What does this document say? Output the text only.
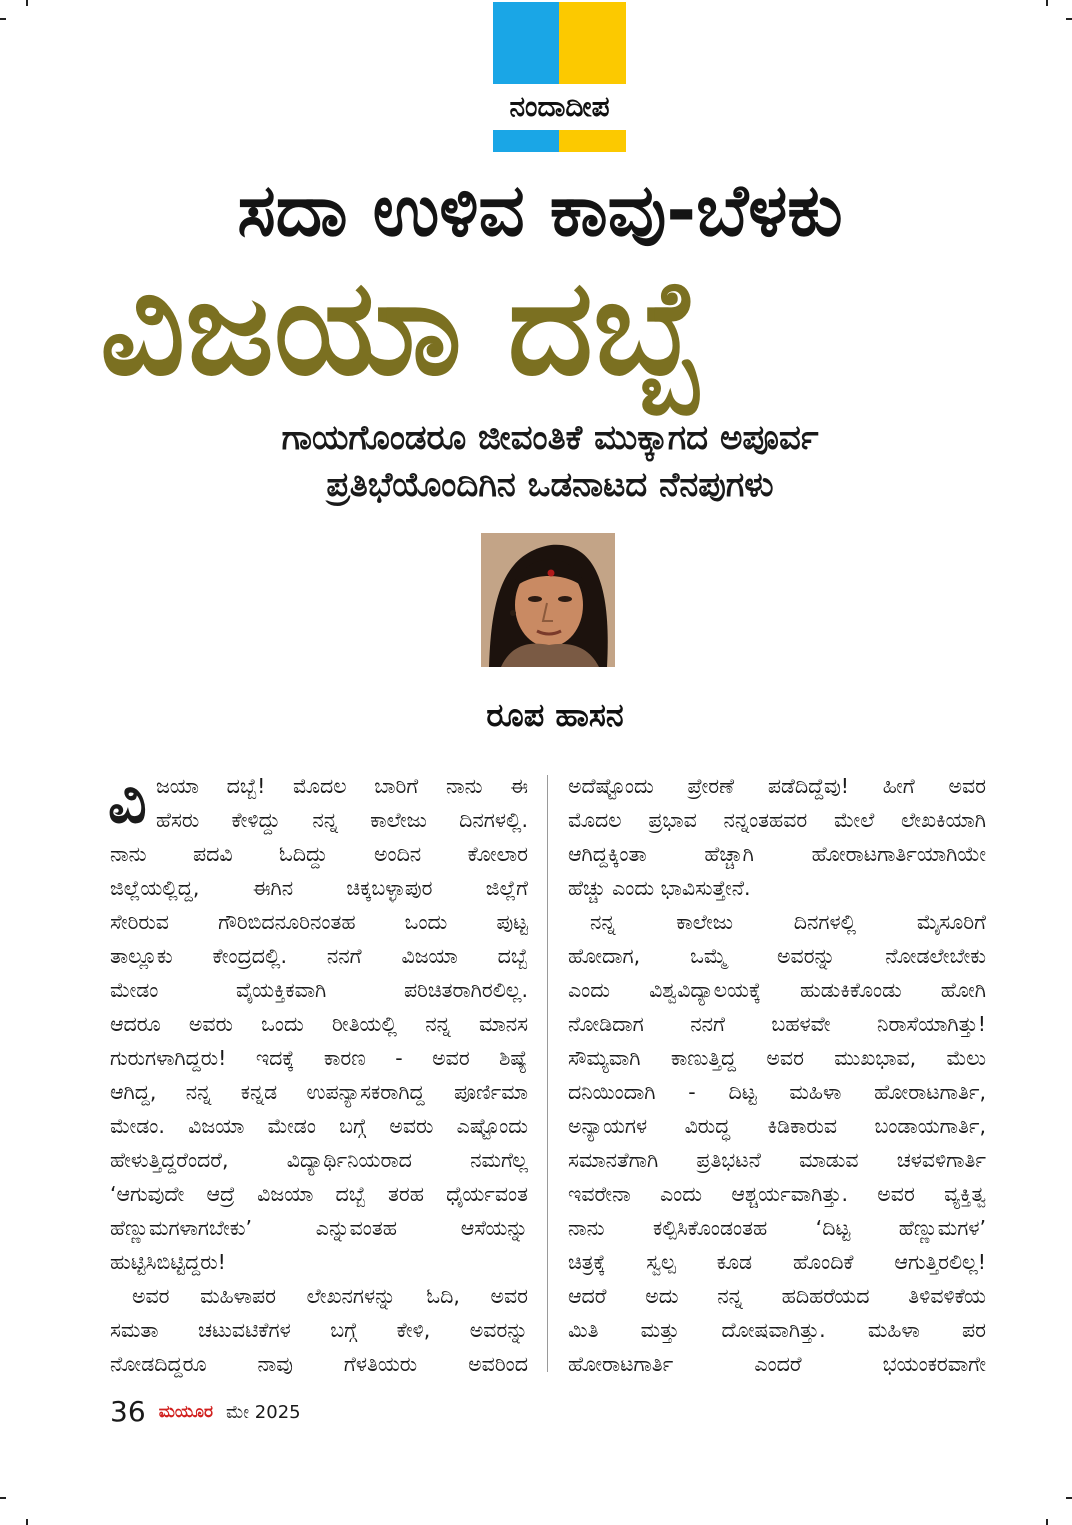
ನಂದಾದೀಪ
ಸದಾ ಉಳಿವ ಕಾವು-ಬೆಳಕು
ವಿಜಯಾ ದಬ್ಬೆ
ಗಾಯಗೊಂಡರೂ ಜೀವಂತಿಕೆ ಮುಕ್ಕಾಗದ ಅಪೂರ್ವ
ಪ್ರತಿಭೆಯೊಂದಿಗಿನ ಒಡನಾಟದ ನೆನಪುಗಳು
ರೂಪ ಹಾಸನ
ವಿ ಜಯಾ ದಬ್ಬೆ! ಮೊದಲ ಬಾರಿಗೆ ನಾನು ಈ
ಹೆಸರು ಕೇಳಿದ್ದು ನನ್ನ ಕಾಲೇಜು ದಿನಗಳಲ್ಲಿ.
ನಾನು ಪದವಿ ಓದಿದ್ದು ಅಂದಿನ ಕೋಲಾರ
ಜಿಲ್ಲೆಯಲ್ಲಿದ್ದ, ಈಗಿನ ಚಿಕ್ಕಬಳ್ಳಾಪುರ ಜಿಲ್ಲೆಗೆ
ಸೇರಿರುವ ಗೌರಿಬಿದನೂರಿನಂತಹ ಒಂದು ಪುಟ್ಟ
ತಾಲ್ಲೂಕು ಕೇಂದ್ರದಲ್ಲಿ. ನನಗೆ ವಿಜಯಾ ದಬ್ಬೆ
ಮೇಡಂ ವೈಯಕ್ತಿಕವಾಗಿ ಪರಿಚಿತರಾಗಿರಲಿಲ್ಲ.
ಆದರೂ ಅವರು ಒಂದು ರೀತಿಯಲ್ಲಿ ನನ್ನ ಮಾನಸ
ಗುರುಗಳಾಗಿದ್ದರು! ಇದಕ್ಕೆ ಕಾರಣ - ಅವರ ಶಿಷ್ಯೆ
ಆಗಿದ್ದ, ನನ್ನ ಕನ್ನಡ ಉಪನ್ಯಾಸಕರಾಗಿದ್ದ ಪೂರ್ಣಿಮಾ
ಮೇಡಂ. ವಿಜಯಾ ಮೇಡಂ ಬಗ್ಗೆ ಅವರು ಎಷ್ಟೊಂದು
ಹೇಳುತ್ತಿದ್ದರೆಂದರೆ, ವಿದ್ಯಾರ್ಥಿನಿಯರಾದ ನಮಗೆಲ್ಲ
‘ಆಗುವುದೇ ಆದ್ರೆ ವಿಜಯಾ ದಬ್ಬೆ ತರಹ ಧೈರ್ಯವಂತ
ಹೆಣ್ಣುಮಗಳಾಗಬೇಕು’ ಎನ್ನುವಂತಹ ಆಸೆಯನ್ನು
ಹುಟ್ಟಿಸಿಬಿಟ್ಟಿದ್ದರು!
ಅವರ ಮಹಿಳಾಪರ ಲೇಖನಗಳನ್ನು ಓದಿ, ಅವರ
ಸಮತಾ ಚಟುವಟಿಕೆಗಳ ಬಗ್ಗೆ ಕೇಳಿ, ಅವರನ್ನು
ನೋಡದಿದ್ದರೂ ನಾವು ಗೆಳತಿಯರು ಅವರಿಂದ
ಅದೆಷ್ಟೊಂದು ಪ್ರೇರಣೆ ಪಡೆದಿದ್ದೆವು! ಹೀಗೆ ಅವರ
ಮೊದಲ ಪ್ರಭಾವ ನನ್ನಂತಹವರ ಮೇಲೆ ಲೇಖಕಿಯಾಗಿ
ಆಗಿದ್ದಕ್ಕಿಂತಾ ಹೆಚ್ಚಾಗಿ ಹೋರಾಟಗಾರ್ತಿಯಾಗಿಯೇ
ಹೆಚ್ಚು ಎಂದು ಭಾವಿಸುತ್ತೇನೆ.
ನನ್ನ ಕಾಲೇಜು ದಿನಗಳಲ್ಲಿ ಮೈಸೂರಿಗೆ
ಹೋದಾಗ, ಒಮ್ಮೆ ಅವರನ್ನು ನೋಡಲೇಬೇಕು
ಎಂದು ವಿಶ್ವವಿದ್ಯಾಲಯಕ್ಕೆ ಹುಡುಕಿಕೊಂಡು ಹೋಗಿ
ನೋಡಿದಾಗ ನನಗೆ ಬಹಳವೇ ನಿರಾಸೆಯಾಗಿತ್ತು!
ಸೌಮ್ಯವಾಗಿ ಕಾಣುತ್ತಿದ್ದ ಅವರ ಮುಖಭಾವ, ಮೆಲು
ದನಿಯಿಂದಾಗಿ - ದಿಟ್ಟ ಮಹಿಳಾ ಹೋರಾಟಗಾರ್ತಿ,
ಅನ್ಯಾಯಗಳ ವಿರುದ್ಧ ಕಿಡಿಕಾರುವ ಬಂಡಾಯಗಾರ್ತಿ,
ಸಮಾನತೆಗಾಗಿ ಪ್ರತಿಭಟನೆ ಮಾಡುವ ಚಳವಳಿಗಾರ್ತಿ
ಇವರೇನಾ ಎಂದು ಆಶ್ಚರ್ಯವಾಗಿತ್ತು. ಅವರ ವ್ಯಕ್ತಿತ್ವ
ನಾನು ಕಲ್ಪಿಸಿಕೊಂಡಂತಹ ‘ದಿಟ್ಟ ಹೆಣ್ಣುಮಗಳ’
ಚಿತ್ರಕ್ಕೆ ಸ್ವಲ್ಪ ಕೂಡ ಹೊಂದಿಕೆ ಆಗುತ್ತಿರಲಿಲ್ಲ!
ಆದರೆ ಅದು ನನ್ನ ಹದಿಹರೆಯದ ತಿಳಿವಳಿಕೆಯ
ಮಿತಿ ಮತ್ತು ದೋಷವಾಗಿತ್ತು. ಮಹಿಳಾ ಪರ
ಹೋರಾಟಗಾರ್ತಿ ಎಂದರೆ ಭಯಂಕರವಾಗೇ
36 ಮಯೂರ ಮೇ 2025
